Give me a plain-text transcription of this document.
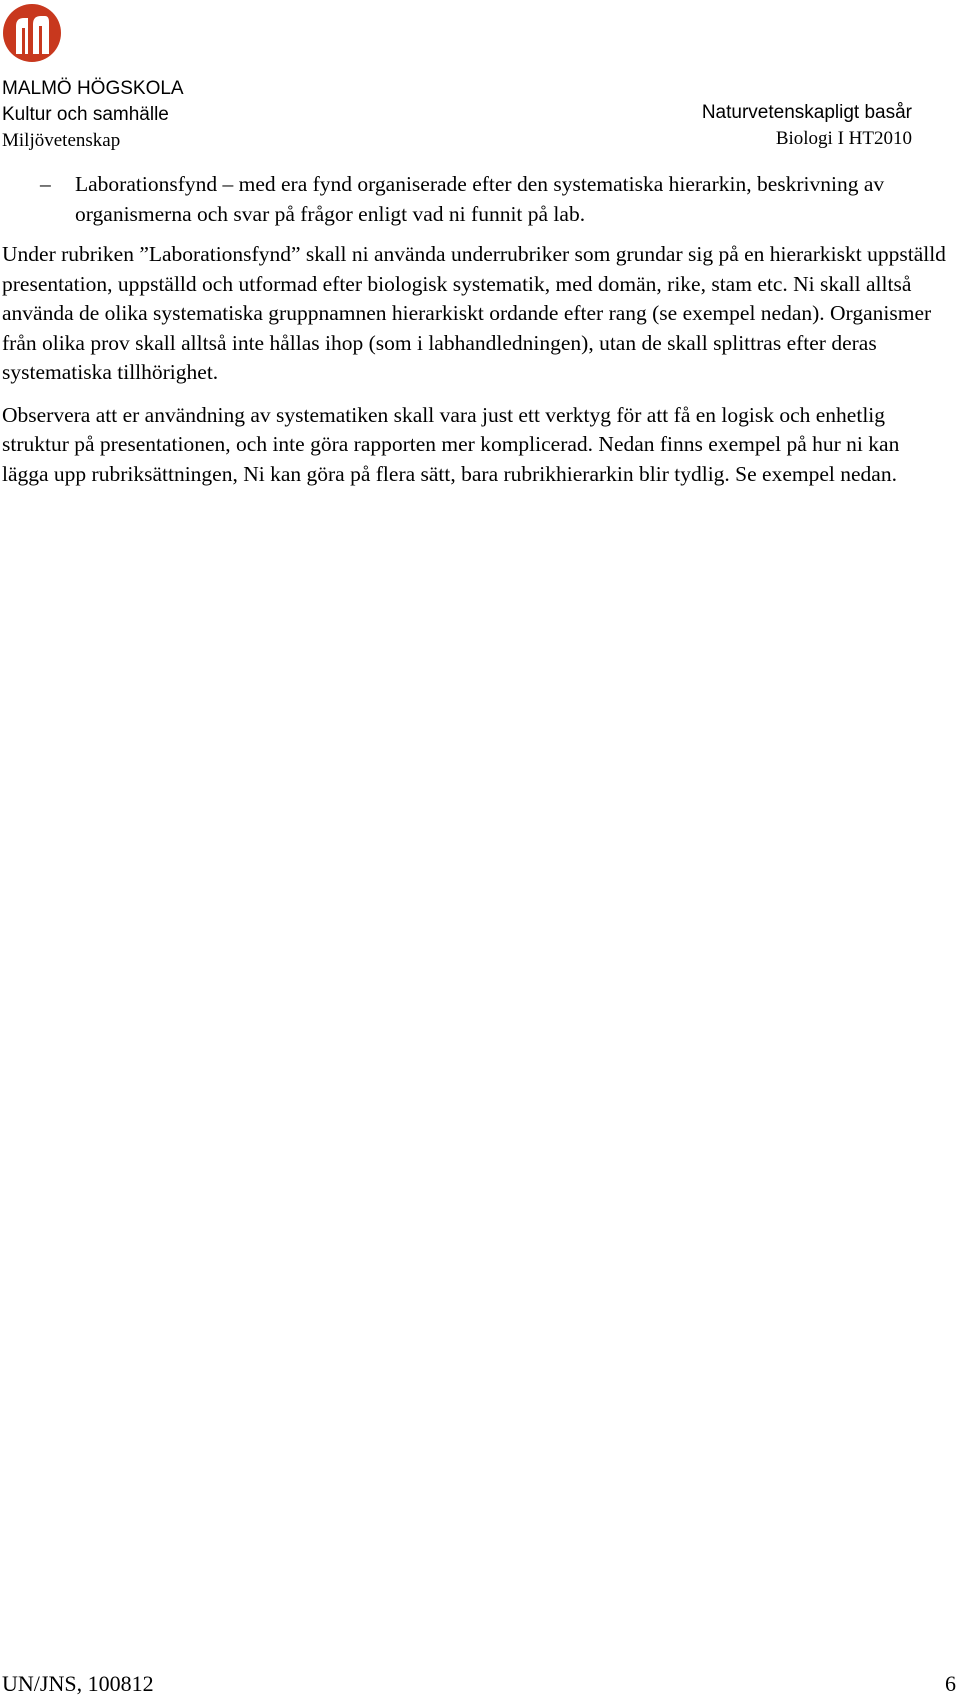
MALMÖ HÖGSKOLA
Kultur och samhälle
Miljövetenskap
Naturvetenskapligt basår
Biologi I HT2010
– Laborationsfynd – med era fynd organiserade efter den systematiska hierarkin, beskrivning av organismerna och svar på frågor enligt vad ni funnit på lab.

Under rubriken ”Laborationsfynd” skall ni använda underrubriker som grundar sig på en hierarkiskt uppställd presentation, uppställd och utformad efter biologisk systematik, med domän, rike, stam etc. Ni skall alltså använda de olika systematiska gruppnamnen hierarkiskt ordande efter rang (se exempel nedan). Organismer från olika prov skall alltså inte hållas ihop (som i labhandledningen), utan de skall splittras efter deras systematiska tillhörighet.

Observera att er användning av systematiken skall vara just ett verktyg för att få en logisk och enhetlig struktur på presentationen, och inte göra rapporten mer komplicerad. Nedan finns exempel på hur ni kan lägga upp rubriksättningen, Ni kan göra på flera sätt, bara rubrikhierarkin blir tydlig. Se exempel nedan.

UN/JNS, 100812	6
